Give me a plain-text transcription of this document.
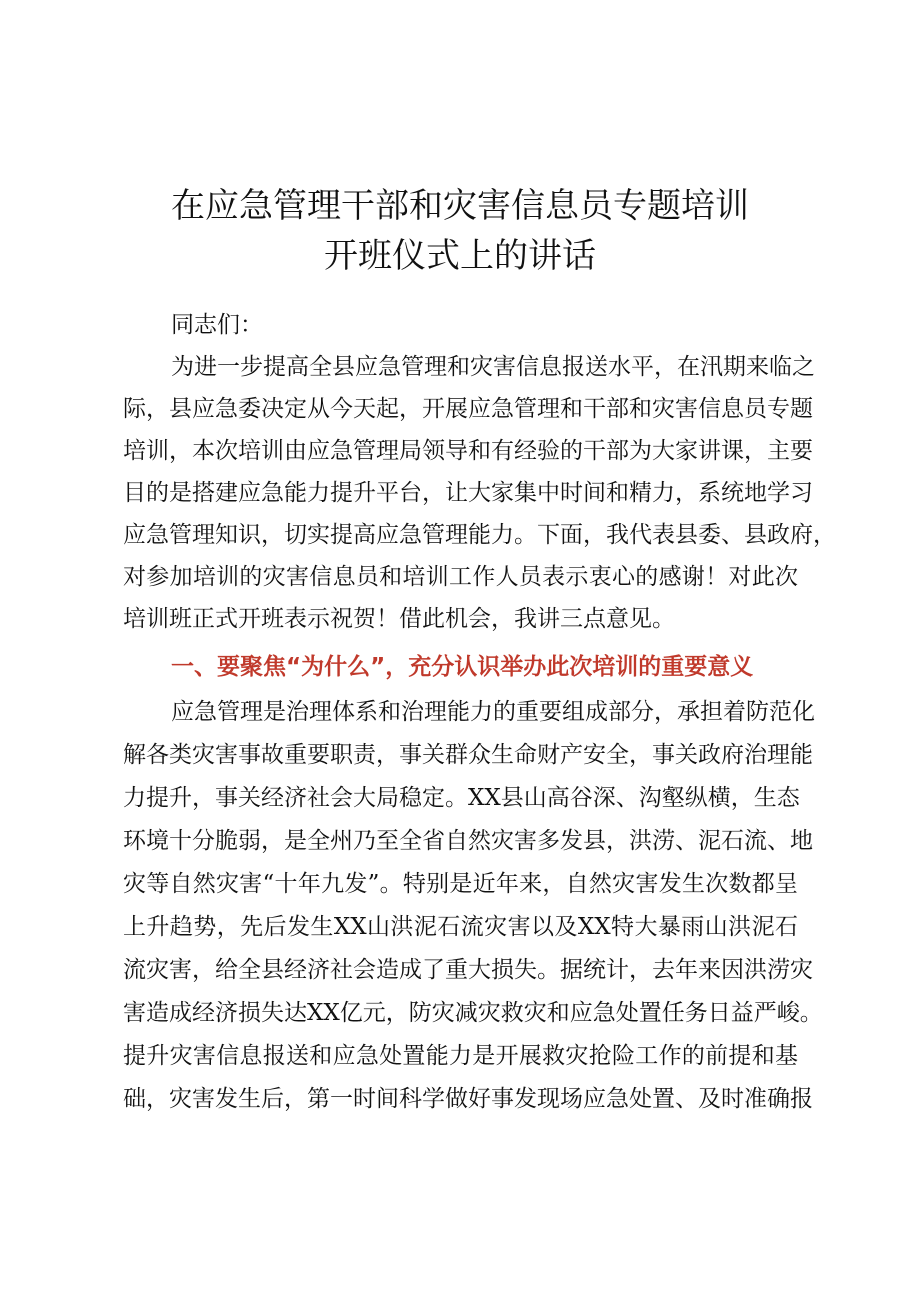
在应急管理干部和灾害信息员专题培训
开班仪式上的讲话
同志们：
为进一步提高全县应急管理和灾害信息报送水平，在汛期来临之
际，县应急委决定从今天起，开展应急管理和干部和灾害信息员专题
培训，本次培训由应急管理局领导和有经验的干部为大家讲课，主要
目的是搭建应急能力提升平台，让大家集中时间和精力，系统地学习
应急管理知识，切实提高应急管理能力。下面，我代表县委、县政府，
对参加培训的灾害信息员和培训工作人员表示衷心的感谢！对此次
培训班正式开班表示祝贺！借此机会，我讲三点意见。
一、要聚焦“为什么”，充分认识举办此次培训的重要意义
应急管理是治理体系和治理能力的重要组成部分，承担着防范化
解各类灾害事故重要职责，事关群众生命财产安全，事关政府治理能
力提升，事关经济社会大局稳定。XX县山高谷深、沟壑纵横，生态
环境十分脆弱，是全州乃至全省自然灾害多发县，洪涝、泥石流、地
灾等自然灾害“十年九发”。特别是近年来，自然灾害发生次数都呈
上升趋势，先后发生XX山洪泥石流灾害以及XX特大暴雨山洪泥石
流灾害，给全县经济社会造成了重大损失。据统计，去年来因洪涝灾
害造成经济损失达XX亿元，防灾减灾救灾和应急处置任务日益严峻。
提升灾害信息报送和应急处置能力是开展救灾抢险工作的前提和基
础，灾害发生后，第一时间科学做好事发现场应急处置、及时准确报
